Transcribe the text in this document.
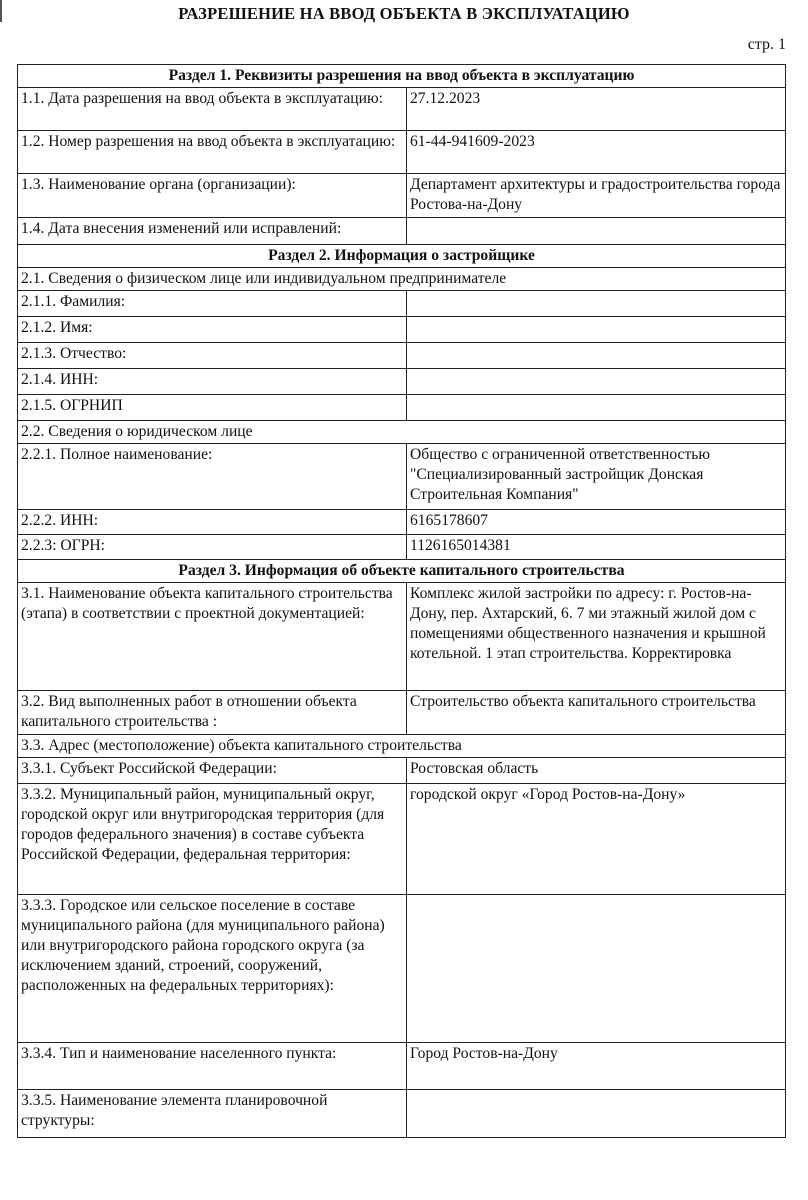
РАЗРЕШЕНИЕ НА ВВОД ОБЪЕКТА В ЭКСПЛУАТАЦИЮ
стр. 1
Раздел 1. Реквизиты разрешения на ввод объекта в эксплуатацию	
1.1. Дата разрешения на ввод объекта в эксплуатацию:	27.12.2023
1.2. Номер разрешения на ввод объекта в эксплуатацию:	61-44-941609-2023
1.3. Наименование органа (организации):	Департамент архитектуры и градостроительства города Ростова-на-Дону
1.4. Дата внесения изменений или исправлений:	
Раздел 2. Информация о застройщике	
2.1. Сведения о физическом лице или индивидуальном предпринимателе	
2.1.1. Фамилия:	
2.1.2. Имя:	
2.1.3. Отчество:	
2.1.4. ИНН:	
2.1.5. ОГРНИП	
2.2. Сведения о юридическом лице	
2.2.1. Полное наименование:	Общество с ограниченной ответственностью "Специализированный застройщик Донская Строительная Компания"
2.2.2. ИНН:	6165178607
2.2.3: ОГРН:	1126165014381
Раздел 3. Информация об объекте капитального строительства	
3.1. Наименование объекта капитального строительства (этапа) в соответствии с проектной документацией:	Комплекс жилой застройки по адресу: г. Ростов-на-Дону, пер. Ахтарский, 6. 7 ми этажный жилой дом с помещениями общественного назначения и крышной котельной. 1 этап строительства. Корректировка
3.2. Вид выполненных работ в отношении объекта капитального строительства :	Строительство объекта капитального строительства
3.3. Адрес (местоположение) объекта капитального строительства	
3.3.1. Субъект Российской Федерации:	Ростовская область
3.3.2. Муниципальный район, муниципальный округ, городской округ или внутригородская территория (для городов федерального значения) в составе субъекта Российской Федерации, федеральная территория:	городской округ «Город Ростов-на-Дону»
3.3.3. Городское или сельское поселение в составе муниципального района (для муниципального района) или внутригородского района городского округа (за исключением зданий, строений, сооружений, расположенных на федеральных территориях):	
3.3.4. Тип и наименование населенного пункта:	Город Ростов-на-Дону
3.3.5. Наименование элемента планировочной структуры:	
